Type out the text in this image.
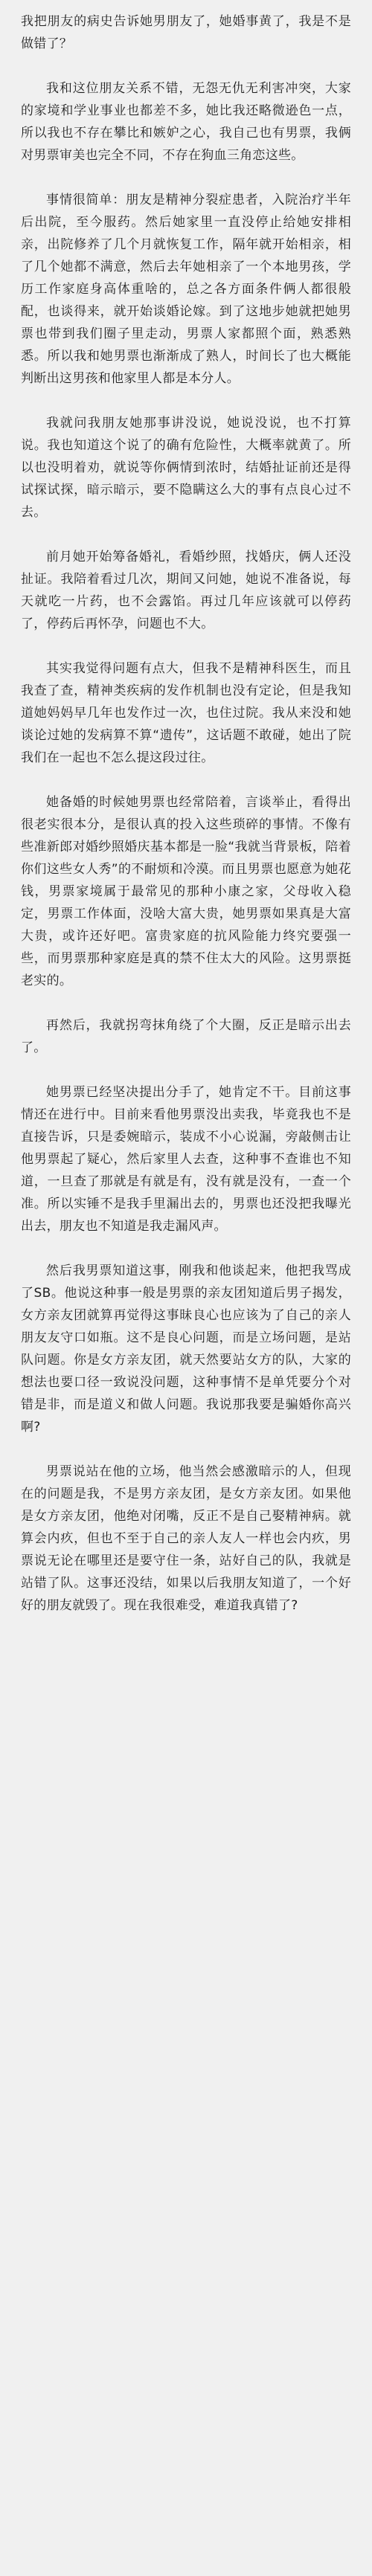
我把朋友的病史告诉她男朋友了，她婚事黄了，我是不是做错了？

我和这位朋友关系不错，无怨无仇无利害冲突，大家的家境和学业事业也都差不多，她比我还略微逊色一点，所以我也不存在攀比和嫉妒之心，我自己也有男票，我俩对男票审美也完全不同，不存在狗血三角恋这些。

事情很简单：朋友是精神分裂症患者，入院治疗半年后出院，至今服药。然后她家里一直没停止给她安排相亲，出院修养了几个月就恢复工作，隔年就开始相亲，相了几个她都不满意，然后去年她相亲了一个本地男孩，学历工作家庭身高体重啥的，总之各方面条件俩人都很般配，也谈得来，就开始谈婚论嫁。到了这地步她就把她男票也带到我们圈子里走动，男票人家都照个面，熟悉熟悉。所以我和她男票也渐渐成了熟人，时间长了也大概能判断出这男孩和他家里人都是本分人。

我就问我朋友她那事讲没说，她说没说，也不打算说。我也知道这个说了的确有危险性，大概率就黄了。所以也没明着劝，就说等你俩情到浓时，结婚扯证前还是得试探试探，暗示暗示，要不隐瞒这么大的事有点良心过不去。

前月她开始筹备婚礼，看婚纱照，找婚庆，俩人还没扯证。我陪着看过几次，期间又问她，她说不准备说，每天就吃一片药，也不会露馅。再过几年应该就可以停药了，停药后再怀孕，问题也不大。

其实我觉得问题有点大，但我不是精神科医生，而且我查了查，精神类疾病的发作机制也没有定论，但是我知道她妈妈早几年也发作过一次，也住过院。我从来没和她谈论过她的发病算不算“遗传”，这话题不敢碰，她出了院我们在一起也不怎么提这段过往。

她备婚的时候她男票也经常陪着，言谈举止，看得出很老实很本分，是很认真的投入这些琐碎的事情。不像有些准新郎对婚纱照婚庆基本都是一脸“我就当背景板，陪着你们这些女人秀”的不耐烦和冷漠。而且男票也愿意为她花钱，男票家境属于最常见的那种小康之家，父母收入稳定，男票工作体面，没啥大富大贵，她男票如果真是大富大贵，或许还好吧。富贵家庭的抗风险能力终究要强一些，而男票那种家庭是真的禁不住太大的风险。这男票挺老实的。

再然后，我就拐弯抹角绕了个大圈，反正是暗示出去了。

她男票已经坚决提出分手了，她肯定不干。目前这事情还在进行中。目前来看他男票没出卖我，毕竟我也不是直接告诉，只是委婉暗示，装成不小心说漏，旁敲侧击让他男票起了疑心，然后家里人去查，这种事不查谁也不知道，一旦查了那就是有就是有，没有就是没有，一查一个准。所以实锤不是我手里漏出去的，男票也还没把我曝光出去，朋友也不知道是我走漏风声。

然后我男票知道这事，刚我和他谈起来，他把我骂成了SB。他说这种事一般是男票的亲友团知道后男子揭发，女方亲友团就算再觉得这事昧良心也应该为了自己的亲人朋友友守口如瓶。这不是良心问题，而是立场问题，是站队问题。你是女方亲友团，就天然要站女方的队，大家的想法也要口径一致说没问题，这种事情不是单凭要分个对错是非，而是道义和做人问题。我说那我要是骗婚你高兴啊?

男票说站在他的立场，他当然会感激暗示的人，但现在的问题是我，不是男方亲友团，是女方亲友团。如果他是女方亲友团，他绝对闭嘴，反正不是自己娶精神病。就算会内疚，但也不至于自己的亲人友人一样也会内疚，男票说无论在哪里还是要守住一条，站好自己的队，我就是站错了队。这事还没结，如果以后我朋友知道了，一个好好的朋友就毁了。现在我很难受，难道我真错了?
